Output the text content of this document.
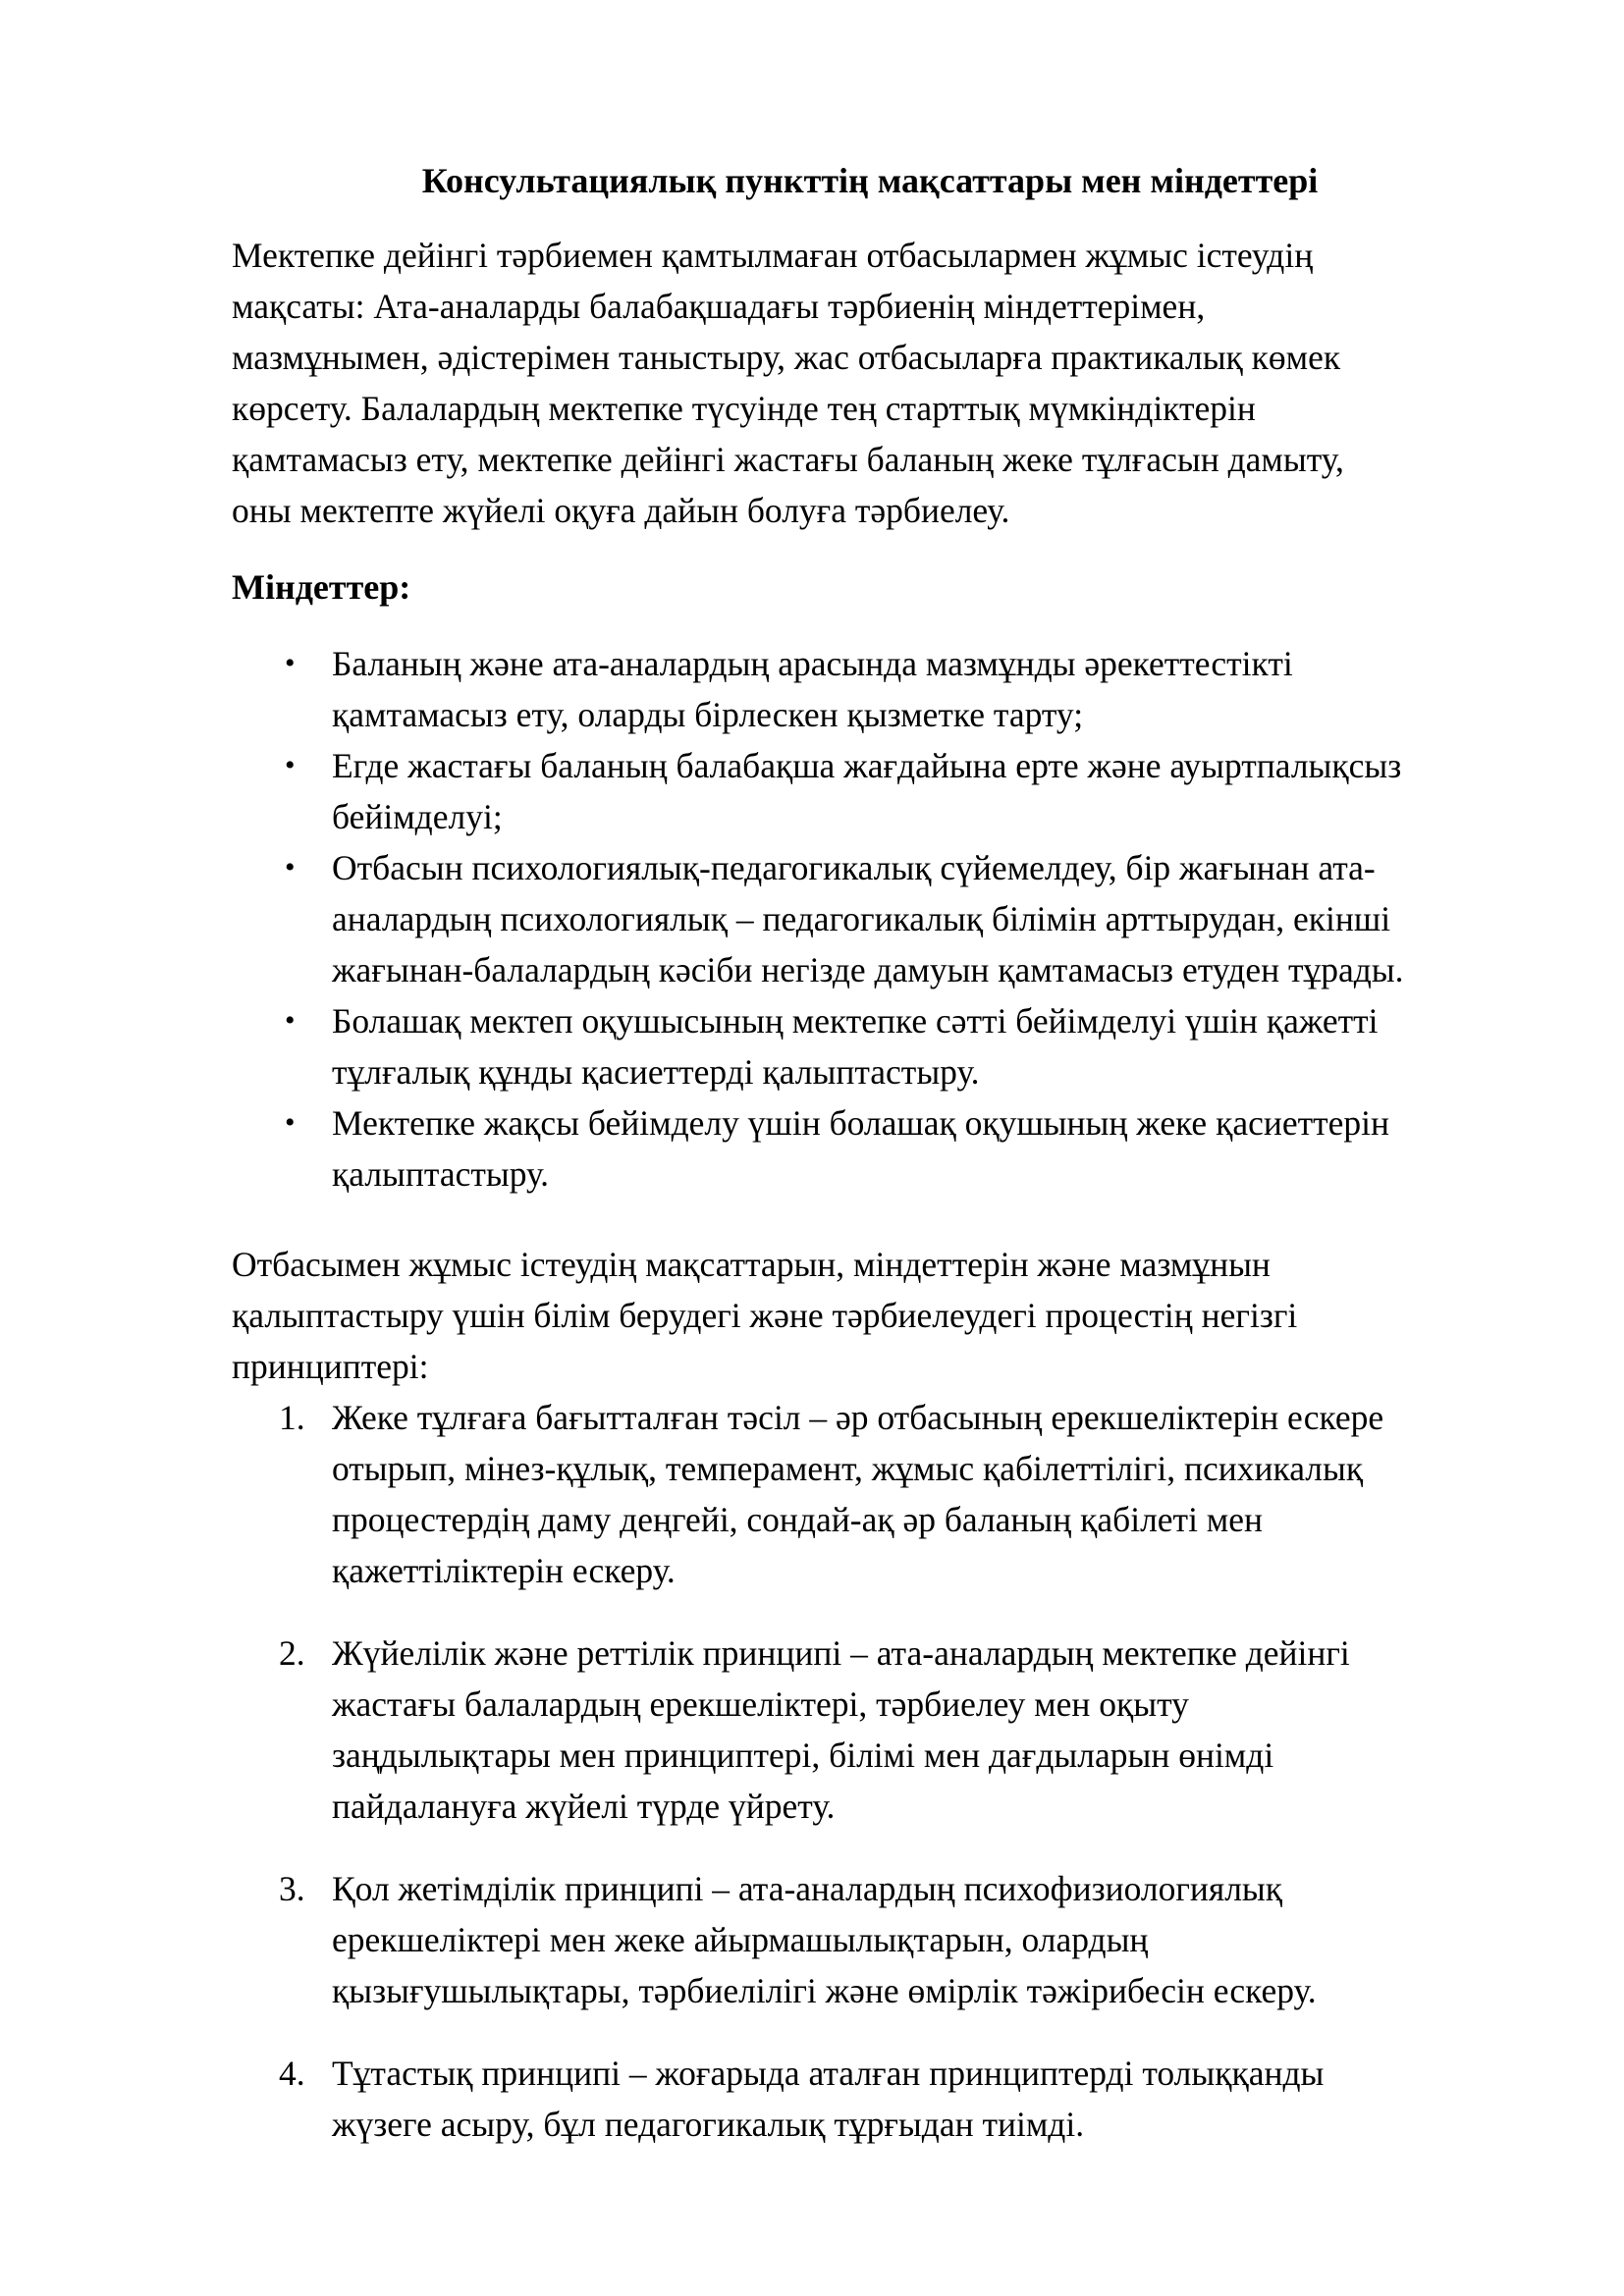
Консультациялық пункттің мақсаттары мен міндеттері

Мектепке дейінгі тәрбиемен қамтылмаған отбасылармен жұмыс істеудің
мақсаты: Ата-аналарды балабақшадағы тәрбиенің міндеттерімен,
мазмұнымен, әдістерімен таныстыру, жас отбасыларға практикалық көмек
көрсету. Балалардың мектепке түсуінде тең старттық мүмкіндіктерін
қамтамасыз ету, мектепке дейінгі жастағы баланың жеке тұлғасын дамыту,
оны мектепте жүйелі оқуға дайын болуға тәрбиелеу.

Міндеттер:
• Баланың және ата-аналардың арасында мазмұнды әрекеттестікті
қамтамасыз ету, оларды бірлескен қызметке тарту;
• Егде жастағы баланың балабақша жағдайына ерте және ауыртпалықсыз
бейімделуі;
• Отбасын психологиялық-педагогикалық сүйемелдеу, бір жағынан ата-
аналардың психологиялық – педагогикалық білімін арттырудан, екінші
жағынан-балалардың кәсіби негізде дамуын қамтамасыз етуден тұрады.
• Болашақ мектеп оқушысының мектепке сәтті бейімделуі үшін қажетті
тұлғалық құнды қасиеттерді қалыптастыру.
• Мектепке жақсы бейімделу үшін болашақ оқушының жеке қасиеттерін
қалыптастыру.

Отбасымен жұмыс істеудің мақсаттарын, міндеттерін және мазмұнын
қалыптастыру үшін білім берудегі және тәрбиелеудегі процестің негізгі
принциптері:

1. Жеке тұлғаға бағытталған тәсіл – әр отбасының ерекшеліктерін ескере
отырып, мінез-құлық, темперамент, жұмыс қабілеттілігі, психикалық
процестердің даму деңгейі, сондай-ақ әр баланың қабілеті мен
қажеттіліктерін ескеру.
2. Жүйелілік және реттілік принципі – ата-аналардың мектепке дейінгі
жастағы балалардың ерекшеліктері, тәрбиелеу мен оқыту
заңдылықтары мен принциптері, білімі мен дағдыларын өнімді
пайдалануға жүйелі түрде үйрету.
3. Қол жетімділік принципі – ата-аналардың психофизиологиялық
ерекшеліктері мен жеке айырмашылықтарын, олардың
қызығушылықтары, тәрбиелілігі және өмірлік тәжірибесін ескеру.
4. Тұтастық принципі – жоғарыда аталған принциптерді толыққанды
жүзеге асыру, бұл педагогикалық тұрғыдан тиімді.
